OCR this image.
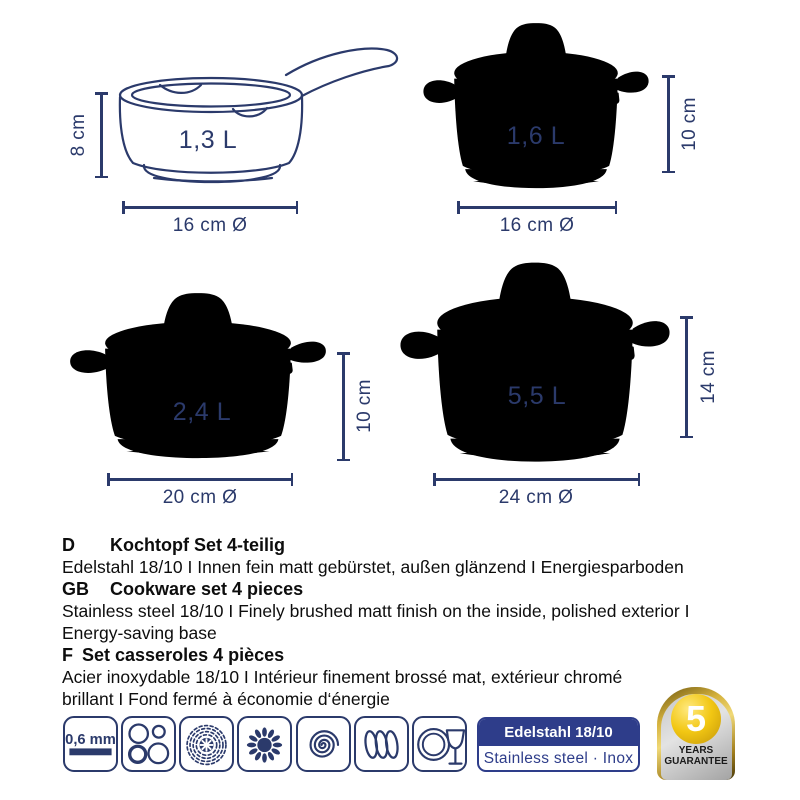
1,3 L
8 cm
16 cm Ø
1,6 L	10 cm
16 cm Ø
2,4 L	10 cm
20 cm Ø
5,5 L	14 cm
24 cm Ø
D Kochtopf Set 4-teilig
Edelstahl 18/10 I Innen fein matt gebürstet, außen glänzend I Energiesparboden
GB Cookware set 4 pieces
Stainless steel 18/10 I Finely brushed matt finish on the inside, polished exterior I
Energy-saving base
F Set casseroles 4 pièces
Acier inoxydable 18/10 I Intérieur finement brossé mat, extérieur chromé
brillant I Fond fermé à économie d‘énergie
0,6 mm	Edelstahl 18/10
Stainless steel · Inox
5
YEARS
GUARANTEE
